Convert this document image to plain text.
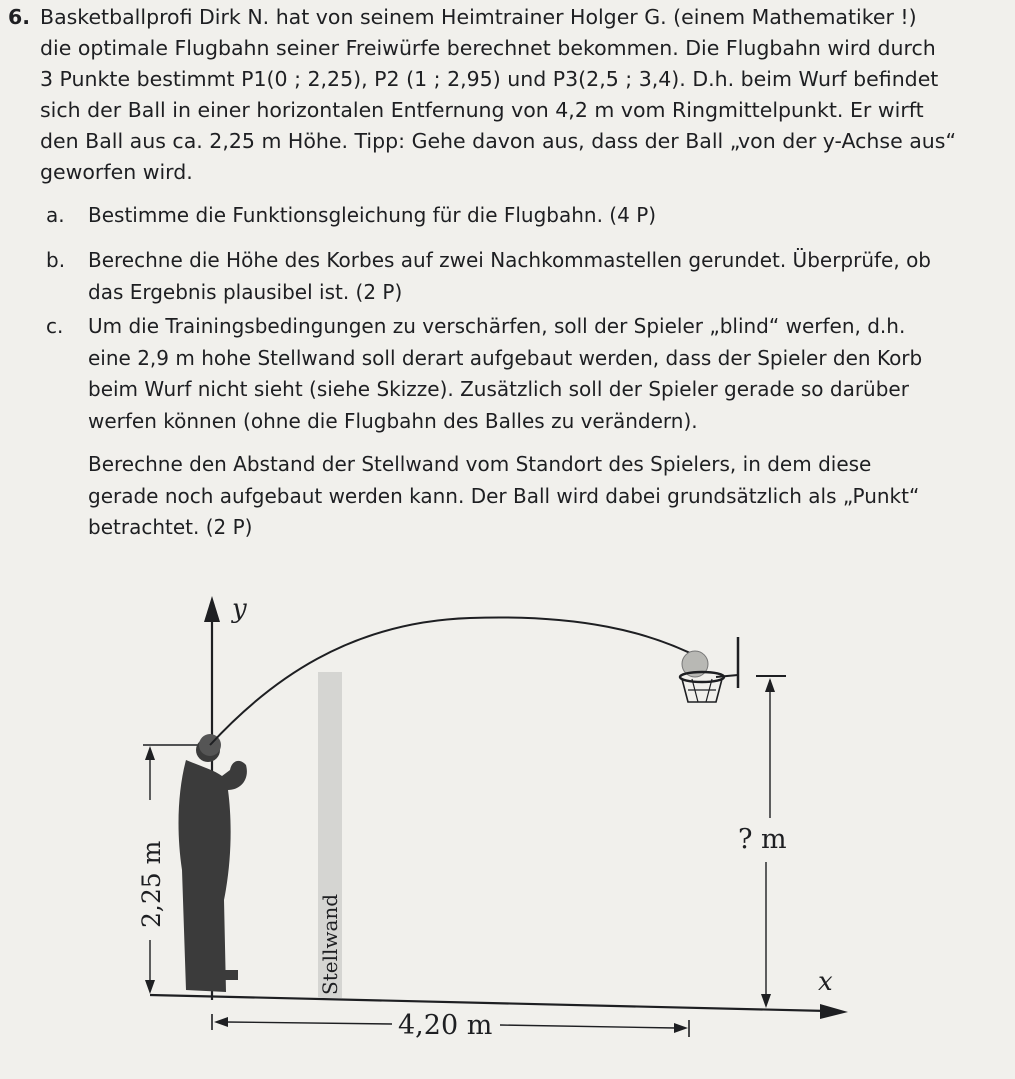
6. Basketballprofi Dirk N. hat von seinem Heimtrainer Holger G. (einem Mathematiker !)
die optimale Flugbahn seiner Freiwürfe berechnet bekommen. Die Flugbahn wird durch
3 Punkte bestimmt P1(0 ; 2,25), P2 (1 ; 2,95) und P3(2,5 ; 3,4). D.h. beim Wurf befindet
sich der Ball in einer horizontalen Entfernung von 4,2 m vom Ringmittelpunkt. Er wirft
den Ball aus ca. 2,25 m Höhe. Tipp: Gehe davon aus, dass der Ball „von der y-Achse aus“
geworfen wird.
a. Bestimme die Funktionsgleichung für die Flugbahn. (4 P)
b. Berechne die Höhe des Korbes auf zwei Nachkommastellen gerundet. Überprüfe, ob
das Ergebnis plausibel ist. (2 P)
c. Um die Trainingsbedingungen zu verschärfen, soll der Spieler „blind“ werfen, d.h.
eine 2,9 m hohe Stellwand soll derart aufgebaut werden, dass der Spieler den Korb
beim Wurf nicht sieht (siehe Skizze). Zusätzlich soll der Spieler gerade so darüber
werfen können (ohne die Flugbahn des Balles zu verändern).
Berechne den Abstand der Stellwand vom Standort des Spielers, in dem diese
gerade noch aufgebaut werden kann. Der Ball wird dabei grundsätzlich als „Punkt“
betrachtet. (2 P)
y
x
2,25 m
Stellwand
? m
4,20 m
